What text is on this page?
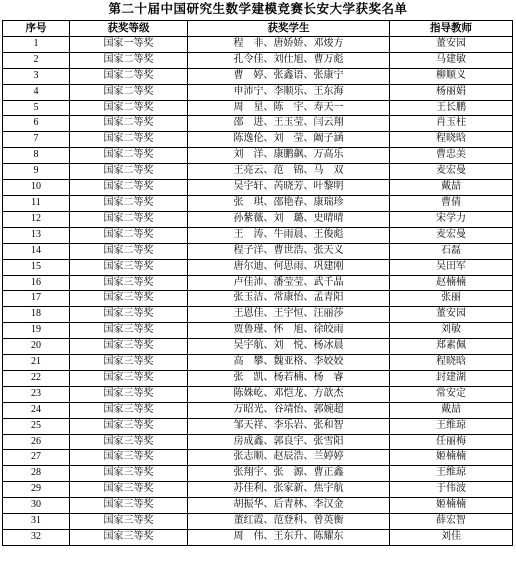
第二十届中国研究生数学建模竞赛长安大学获奖名单
序号	获奖等级	获奖学生	指导教师
1	国家一等奖	程　非、唐娇娇、邓焌方	董安园
2	国家二等奖	孔令佳、刘仕旭、曹万彪	马建敏
3	国家二等奖	曹　婷、张鑫语、张康宁	柳顺义
4	国家二等奖	申沛宁、李顺乐、王东海	杨丽娟
5	国家二等奖	周　星、陈　宇、寿天一	王长鹏
6	国家二等奖	邵　进、王玉莹、闫云翔	肖玉柱
7	国家二等奖	陈逸伦、刘　莹、阚子涵	程晓晗
8	国家二等奖	刘　洋、康鹏飙、万高乐	曹忠美
9	国家二等奖	王亮云、范　锦、马　双	麦宏曼
10	国家二等奖	吴宇轩、芮晓芳、叶黎明	戴喆
11	国家二等奖	张　琪、邵艳春、康瑞珍	曹倩
12	国家二等奖	孙紫薇、刘　璐、史晴晴	宋学力
13	国家二等奖	王　涛、牛雨晨、王俊彪	麦宏曼
14	国家二等奖	程子洋、曹世浩、张天义	石磊
15	国家三等奖	唐尔迪、何思雨、巩建刚	吴田军
16	国家三等奖	卢佳沛、潘莹莹、武千晶	赵楠楠
17	国家三等奖	张玉洁、常康怡、孟青阳	张丽
18	国家三等奖	王恩佳、王宇恒、汪丽莎	董安园
19	国家三等奖	贾鲁瑾、怀　旭、徐皎雨	刘敏
20	国家三等奖	吴宇航、刘　悦、杨冰晨	郑素佩
21	国家三等奖	高　攀、魏亚格、李姣姣	程晓晗
22	国家三等奖	张　凯、杨若楠、杨　睿	封建湖
23	国家三等奖	陈姝屹、邓恺龙、方歆杰	常安定
24	国家三等奖	万昭光、谷靖怡、郭婉超	戴喆
25	国家三等奖	邹天祥、李乐岩、张和智	王维琼
26	国家三等奖	房成鑫、郭良宇、张雪阳	任丽梅
27	国家三等奖	张志顺、赵辰浩、兰婷婷	姬楠楠
28	国家三等奖	张翔宇、张　源、曹正鑫	王维琼
29	国家三等奖	苏佳利、张家新、焦宇航	于伟波
30	国家三等奖	胡振华、后青林、李汉金	姬楠楠
31	国家三等奖	董红霞、范登科、曾英衡	薛宏智
32	国家三等奖	周　伟、王东升、陈耀东	刘佳
